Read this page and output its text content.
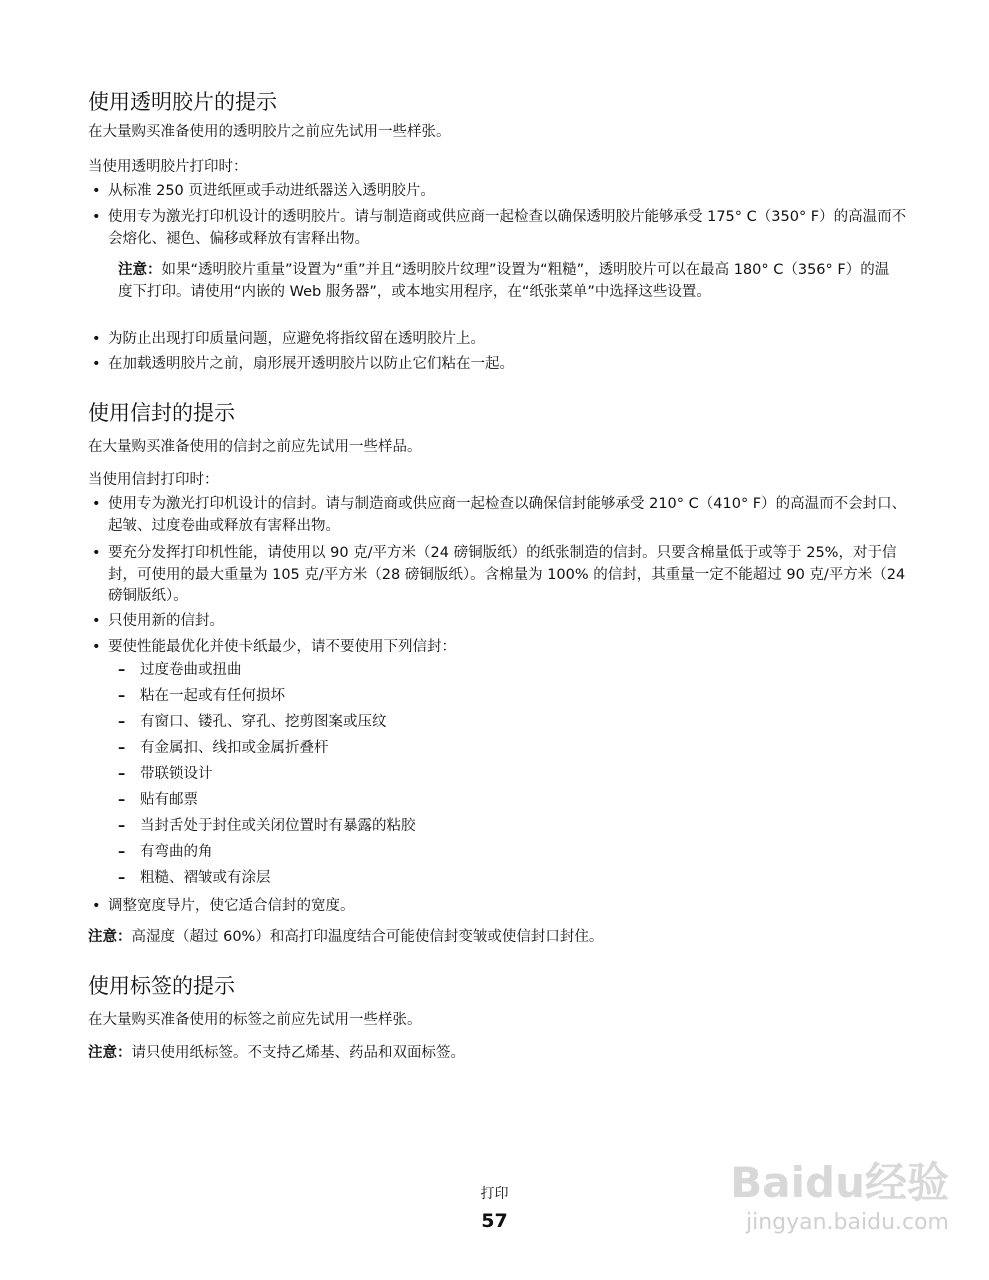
使用透明胶片的提示
在大量购买准备使用的透明胶片之前应先试用一些样张。
当使用透明胶片打印时：
• 从标准 250 页进纸匣或手动进纸器送入透明胶片。
• 使用专为激光打印机设计的透明胶片。请与制造商或供应商一起检查以确保透明胶片能够承受 175° C（350° F）的高温而不会熔化、褪色、偏移或释放有害释出物。
注意：如果“透明胶片重量”设置为“重”并且“透明胶片纹理”设置为“粗糙”，透明胶片可以在最高 180° C（356° F）的温度下打印。请使用“内嵌的 Web 服务器”，或本地实用程序，在“纸张菜单”中选择这些设置。
• 为防止出现打印质量问题，应避免将指纹留在透明胶片上。
• 在加载透明胶片之前，扇形展开透明胶片以防止它们粘在一起。
使用信封的提示
在大量购买准备使用的信封之前应先试用一些样品。
当使用信封打印时：
• 使用专为激光打印机设计的信封。请与制造商或供应商一起检查以确保信封能够承受 210° C（410° F）的高温而不会封口、起皱、过度卷曲或释放有害释出物。
• 要充分发挥打印机性能，请使用以 90 克/平方米（24 磅铜版纸）的纸张制造的信封。只要含棉量低于或等于 25%，对于信封，可使用的最大重量为 105 克/平方米（28 磅铜版纸）。含棉量为 100% 的信封，其重量一定不能超过 90 克/平方米（24 磅铜版纸）。
• 只使用新的信封。
• 要使性能最优化并使卡纸最少，请不要使用下列信封：
– 过度卷曲或扭曲
– 粘在一起或有任何损坏
– 有窗口、镂孔、穿孔、挖剪图案或压纹
– 有金属扣、线扣或金属折叠杆
– 带联锁设计
– 贴有邮票
– 当封舌处于封住或关闭位置时有暴露的粘胶
– 有弯曲的角
– 粗糙、褶皱或有涂层
• 调整宽度导片，使它适合信封的宽度。
注意：高湿度（超过 60%）和高打印温度结合可能使信封变皱或使信封口封住。
使用标签的提示
在大量购买准备使用的标签之前应先试用一些样张。
注意：请只使用纸标签。不支持乙烯基、药品和双面标签。
打印
57
Baidu经验
jingyan.baidu.com
